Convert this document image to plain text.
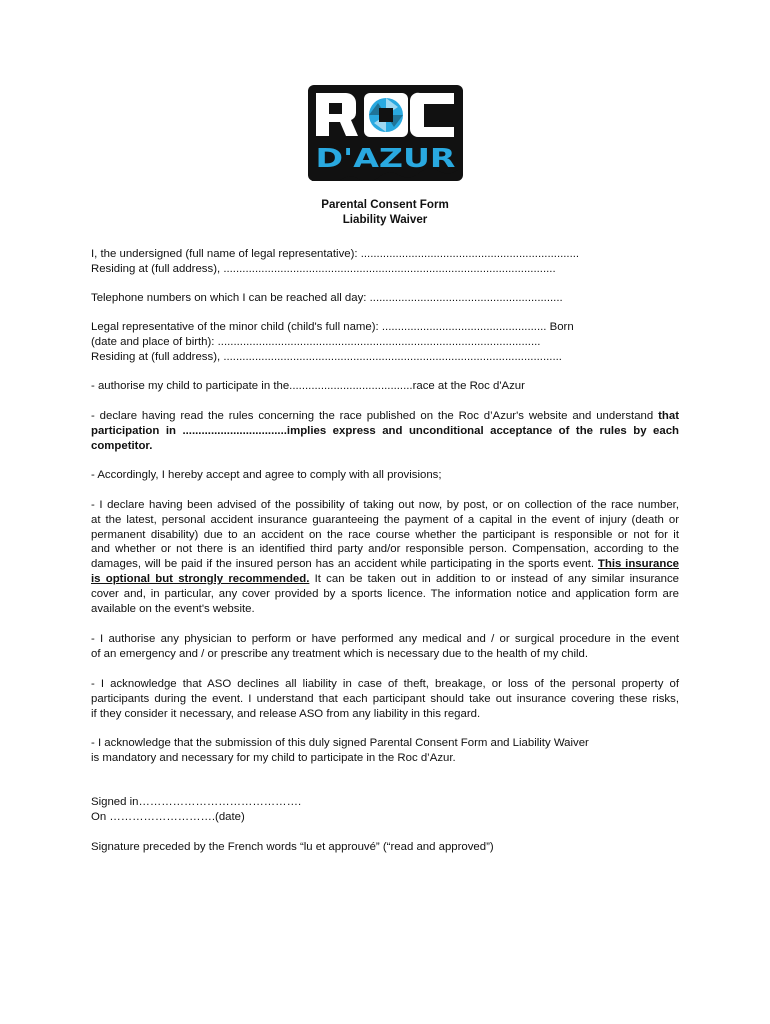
D'AZUR
Parental Consent Form
Liability Waiver
I, the undersigned (full name of legal representative): .....................................................................
Residing at (full address), .........................................................................................................
Telephone numbers on which I can be reached all day: .............................................................
Legal representative of the minor child (child's full name): .................................................... Born
(date and place of birth): ......................................................................................................
Residing at (full address), ...........................................................................................................
- authorise my child to participate in the.......................................race at the Roc d'Azur
- declare having read the rules concerning the race published on the Roc d’Azur's website and understand that
participation in .................................implies express and unconditional acceptance of the rules by each
competitor.
- Accordingly, I hereby accept and agree to comply with all provisions;
- I declare having been advised of the possibility of taking out now, by post, or on collection of the race number,
at the latest, personal accident insurance guaranteeing the payment of a capital in the event of injury (death or
permanent disability) due to an accident on the race course whether the participant is responsible or not for it
and whether or not there is an identified third party and/or responsible person. Compensation, according to the
damages, will be paid if the insured person has an accident while participating in the sports event. This insurance
is optional but strongly recommended. It can be taken out in addition to or instead of any similar insurance
cover and, in particular, any cover provided by a sports licence. The information notice and application form are
available on the event's website.
- I authorise any physician to perform or have performed any medical and / or surgical procedure in the event
of an emergency and / or prescribe any treatment which is necessary due to the health of my child.
- I acknowledge that ASO declines all liability in case of theft, breakage, or loss of the personal property of
participants during the event. I understand that each participant should take out insurance covering these risks,
if they consider it necessary, and release ASO from any liability in this regard.
- I acknowledge that the submission of this duly signed Parental Consent Form and Liability Waiver
is mandatory and necessary for my child to participate in the Roc d’Azur.
Signed in…………………………………….
On ……………………….(date)
Signature preceded by the French words “lu et approuvé” (“read and approved”)
